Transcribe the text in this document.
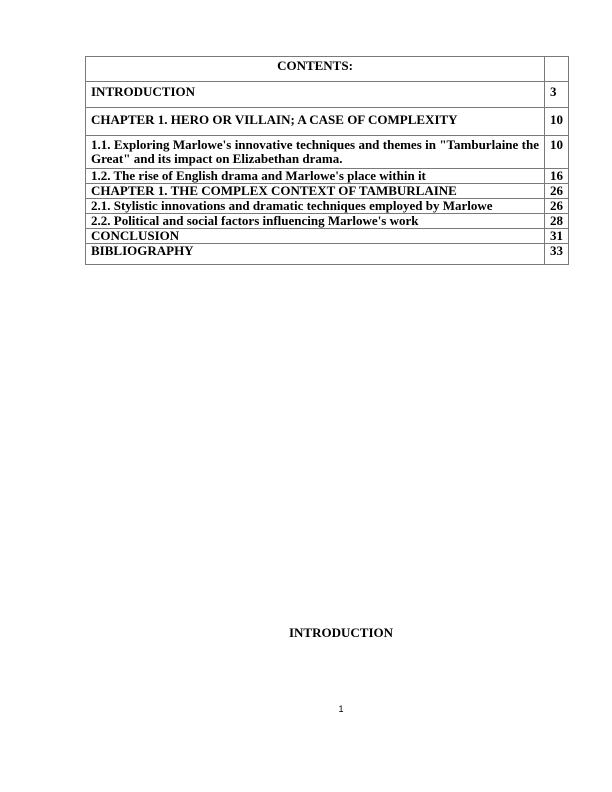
CONTENTS:	
INTRODUCTION	3
CHAPTER 1. HERO OR VILLAIN; A CASE OF COMPLEXITY	10
1.1. Exploring Marlowe's innovative techniques and themes in "Tamburlaine the Great" and its impact on Elizabethan drama.	10
1.2. The rise of English drama and Marlowe's place within it	16
CHAPTER 1. THE COMPLEX CONTEXT OF TAMBURLAINE	26
2.1. Stylistic innovations and dramatic techniques employed by Marlowe	26
2.2. Political and social factors influencing Marlowe's work	28
CONCLUSION	31
BIBLIOGRAPHY	33
INTRODUCTION
1
